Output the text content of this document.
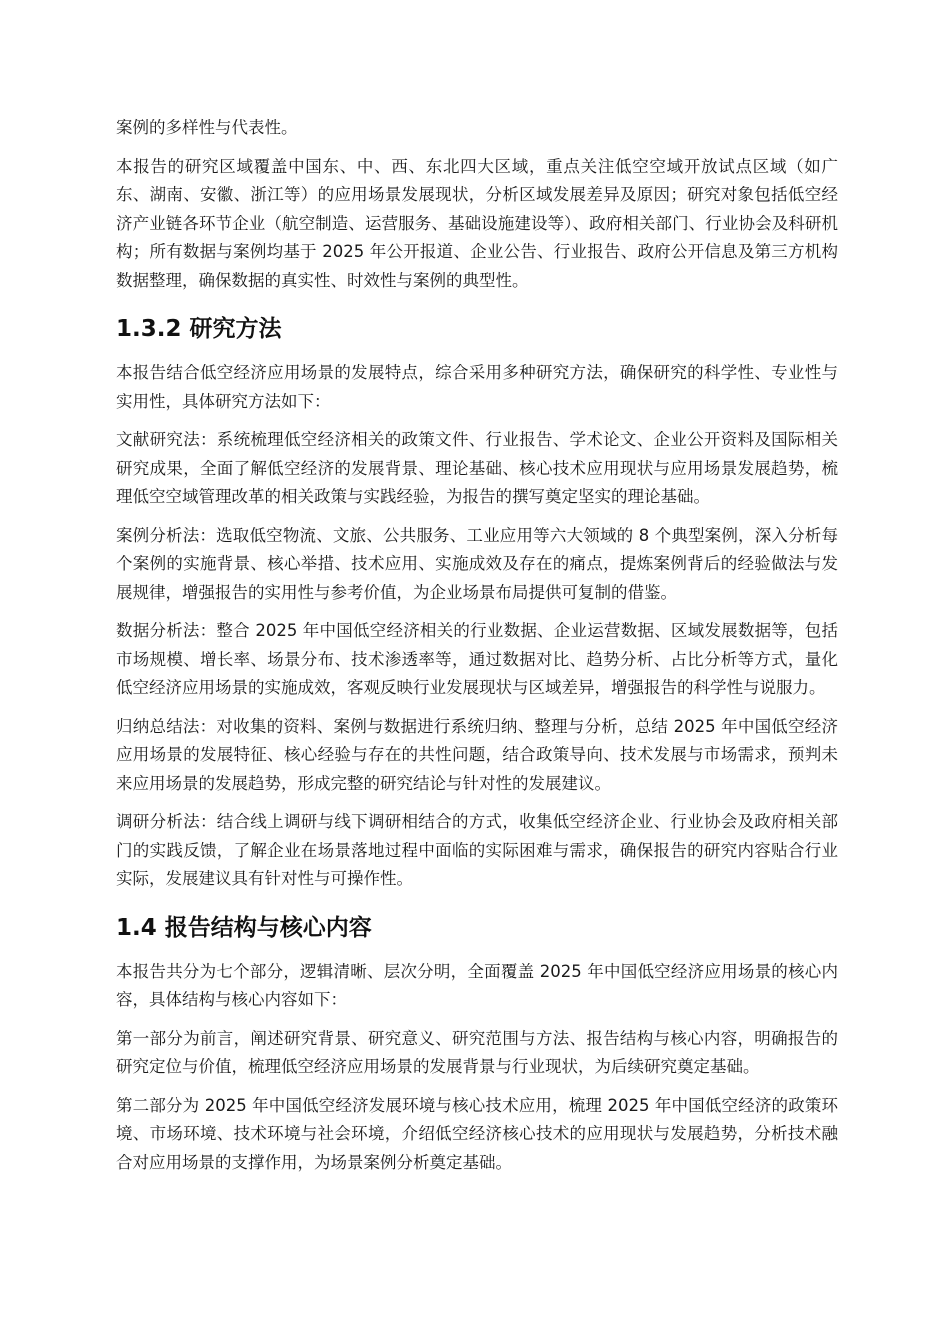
案例的多样性与代表性。

本报告的研究区域覆盖中国东、中、西、东北四大区域，重点关注低空空域开放试点区域（如广东、湖南、安徽、浙江等）的应用场景发展现状，分析区域发展差异及原因；研究对象包括低空经济产业链各环节企业（航空制造、运营服务、基础设施建设等）、政府相关部门、行业协会及科研机构；所有数据与案例均基于 2025 年公开报道、企业公告、行业报告、政府公开信息及第三方机构数据整理，确保数据的真实性、时效性与案例的典型性。

1.3.2 研究方法

本报告结合低空经济应用场景的发展特点，综合采用多种研究方法，确保研究的科学性、专业性与实用性，具体研究方法如下：

文献研究法：系统梳理低空经济相关的政策文件、行业报告、学术论文、企业公开资料及国际相关研究成果，全面了解低空经济的发展背景、理论基础、核心技术应用现状与应用场景发展趋势，梳理低空空域管理改革的相关政策与实践经验，为报告的撰写奠定坚实的理论基础。

案例分析法：选取低空物流、文旅、公共服务、工业应用等六大领域的 8 个典型案例，深入分析每个案例的实施背景、核心举措、技术应用、实施成效及存在的痛点，提炼案例背后的经验做法与发展规律，增强报告的实用性与参考价值，为企业场景布局提供可复制的借鉴。

数据分析法：整合 2025 年中国低空经济相关的行业数据、企业运营数据、区域发展数据等，包括市场规模、增长率、场景分布、技术渗透率等，通过数据对比、趋势分析、占比分析等方式，量化低空经济应用场景的实施成效，客观反映行业发展现状与区域差异，增强报告的科学性与说服力。

归纳总结法：对收集的资料、案例与数据进行系统归纳、整理与分析，总结 2025 年中国低空经济应用场景的发展特征、核心经验与存在的共性问题，结合政策导向、技术发展与市场需求，预判未来应用场景的发展趋势，形成完整的研究结论与针对性的发展建议。

调研分析法：结合线上调研与线下调研相结合的方式，收集低空经济企业、行业协会及政府相关部门的实践反馈，了解企业在场景落地过程中面临的实际困难与需求，确保报告的研究内容贴合行业实际，发展建议具有针对性与可操作性。

1.4 报告结构与核心内容

本报告共分为七个部分，逻辑清晰、层次分明，全面覆盖 2025 年中国低空经济应用场景的核心内容，具体结构与核心内容如下：

第一部分为前言，阐述研究背景、研究意义、研究范围与方法、报告结构与核心内容，明确报告的研究定位与价值，梳理低空经济应用场景的发展背景与行业现状，为后续研究奠定基础。

第二部分为 2025 年中国低空经济发展环境与核心技术应用，梳理 2025 年中国低空经济的政策环境、市场环境、技术环境与社会环境，介绍低空经济核心技术的应用现状与发展趋势，分析技术融合对应用场景的支撑作用，为场景案例分析奠定基础。
